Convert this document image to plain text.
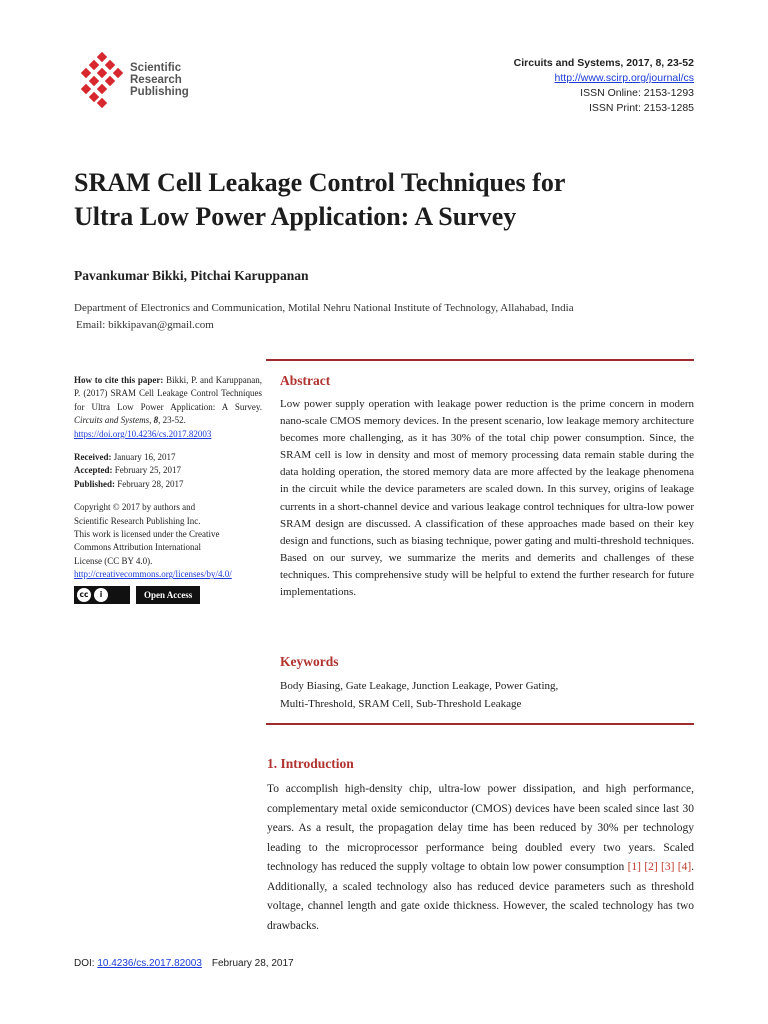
Scientific
Research
Publishing

Circuits and Systems, 2017, 8, 23-52
http://www.scirp.org/journal/cs
ISSN Online: 2153-1293
ISSN Print: 2153-1285
SRAM Cell Leakage Control Techniques for
Ultra Low Power Application: A Survey

Pavankumar Bikki, Pitchai Karuppanan

Department of Electronics and Communication, Motilal Nehru National Institute of Technology, Allahabad, India
Email: bikkipavan@gmail.com

How to cite this paper: Bikki, P. and Karuppanan, P. (2017) SRAM Cell Leakage Control Techniques for Ultra Low Power Application: A Survey. Circuits and Systems, 8, 23-52.
https://doi.org/10.4236/cs.2017.82003

Received: January 16, 2017
Accepted: February 25, 2017
Published: February 28, 2017

Copyright © 2017 by authors and
Scientific Research Publishing Inc.
This work is licensed under the Creative
Commons Attribution International
License (CC BY 4.0).
http://creativecommons.org/licenses/by/4.0/

cc	i	Open Access
Abstract

Low power supply operation with leakage power reduction is the prime concern in modern nano-scale CMOS memory devices. In the present scenario, low leakage memory architecture becomes more challenging, as it has 30% of the total chip power consumption. Since, the SRAM cell is low in density and most of memory processing data remain stable during the data holding operation, the stored memory data are more affected by the leakage phenomena in the circuit while the device parameters are scaled down. In this survey, origins of leakage currents in a short-channel device and various leakage control techniques for ultra-low power SRAM design are discussed. A classification of these approaches made based on their key design and functions, such as biasing technique, power gating and multi-threshold techniques. Based on our survey, we summarize the merits and demerits and challenges of these techniques. This comprehensive study will be helpful to extend the further research for future implementations.

Keywords

Body Biasing, Gate Leakage, Junction Leakage, Power Gating,
Multi-Threshold, SRAM Cell, Sub-Threshold Leakage

1. Introduction

To accomplish high-density chip, ultra-low power dissipation, and high performance, complementary metal oxide semiconductor (CMOS) devices have been scaled since last 30 years. As a result, the propagation delay time has been reduced by 30% per technology leading to the microprocessor performance being doubled every two years. Scaled technology has reduced the supply voltage to obtain low power consumption [1] [2] [3] [4]. Additionally, a scaled technology also has reduced device parameters such as threshold voltage, channel length and gate oxide thickness. However, the scaled technology has two drawbacks.

DOI: 10.4236/cs.2017.82003 February 28, 2017
